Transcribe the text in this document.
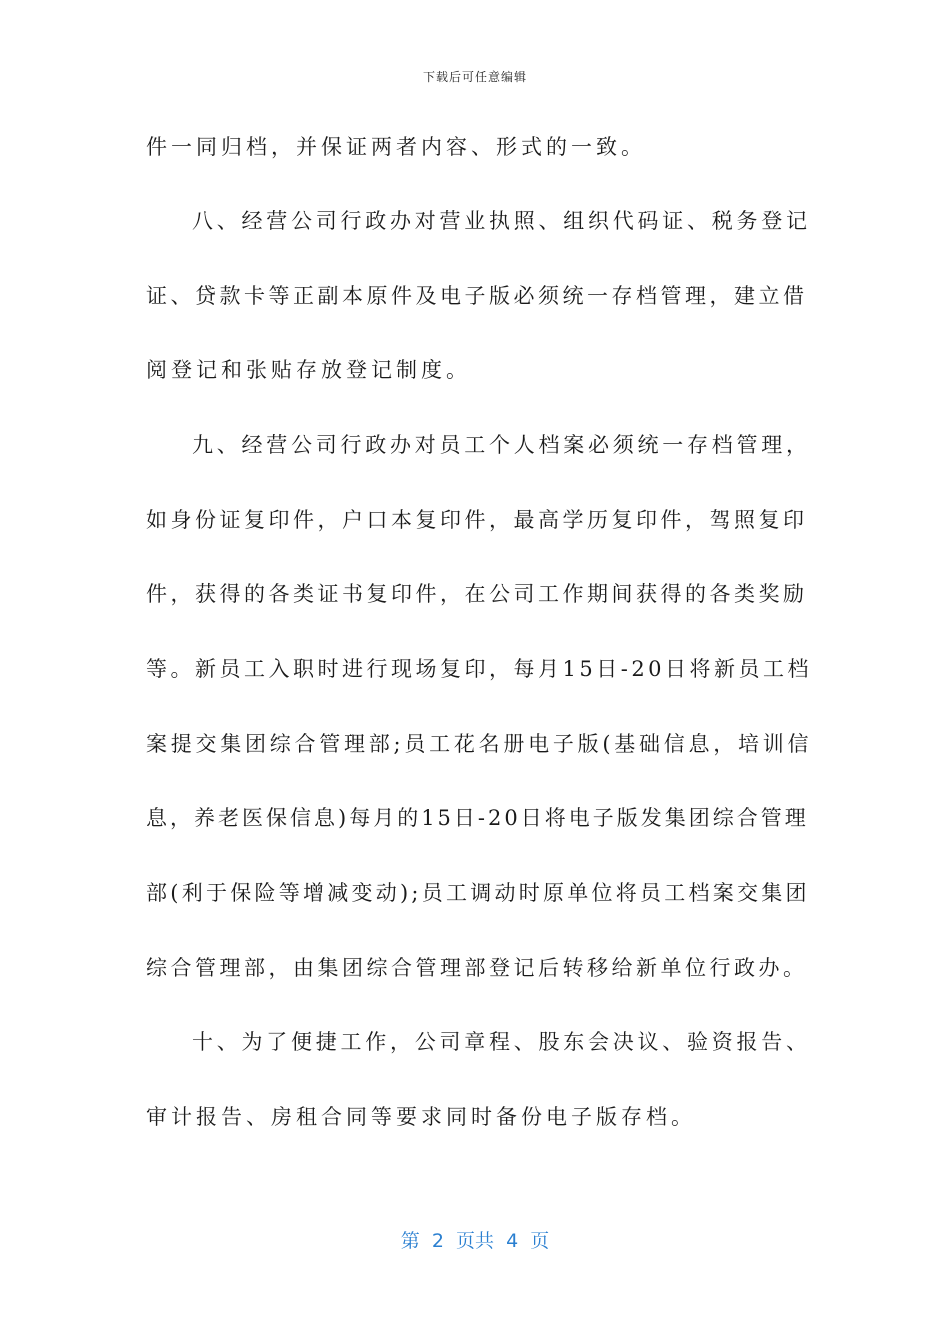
下载后可任意编辑
件一同归档，并保证两者内容、形式的一致。
八、经营公司行政办对营业执照、组织代码证、税务登记
证、贷款卡等正副本原件及电子版必须统一存档管理，建立借
阅登记和张贴存放登记制度。
九、经营公司行政办对员工个人档案必须统一存档管理，
如身份证复印件，户口本复印件，最高学历复印件，驾照复印
件，获得的各类证书复印件，在公司工作期间获得的各类奖励
等。新员工入职时进行现场复印，每月15日-20日将新员工档
案提交集团综合管理部;员工花名册电子版(基础信息，培训信
息，养老医保信息)每月的15日-20日将电子版发集团综合管理
部(利于保险等增减变动);员工调动时原单位将员工档案交集团
综合管理部，由集团综合管理部登记后转移给新单位行政办。
十、为了便捷工作，公司章程、股东会决议、验资报告、
审计报告、房租合同等要求同时备份电子版存档。
第  2  页共  4  页
